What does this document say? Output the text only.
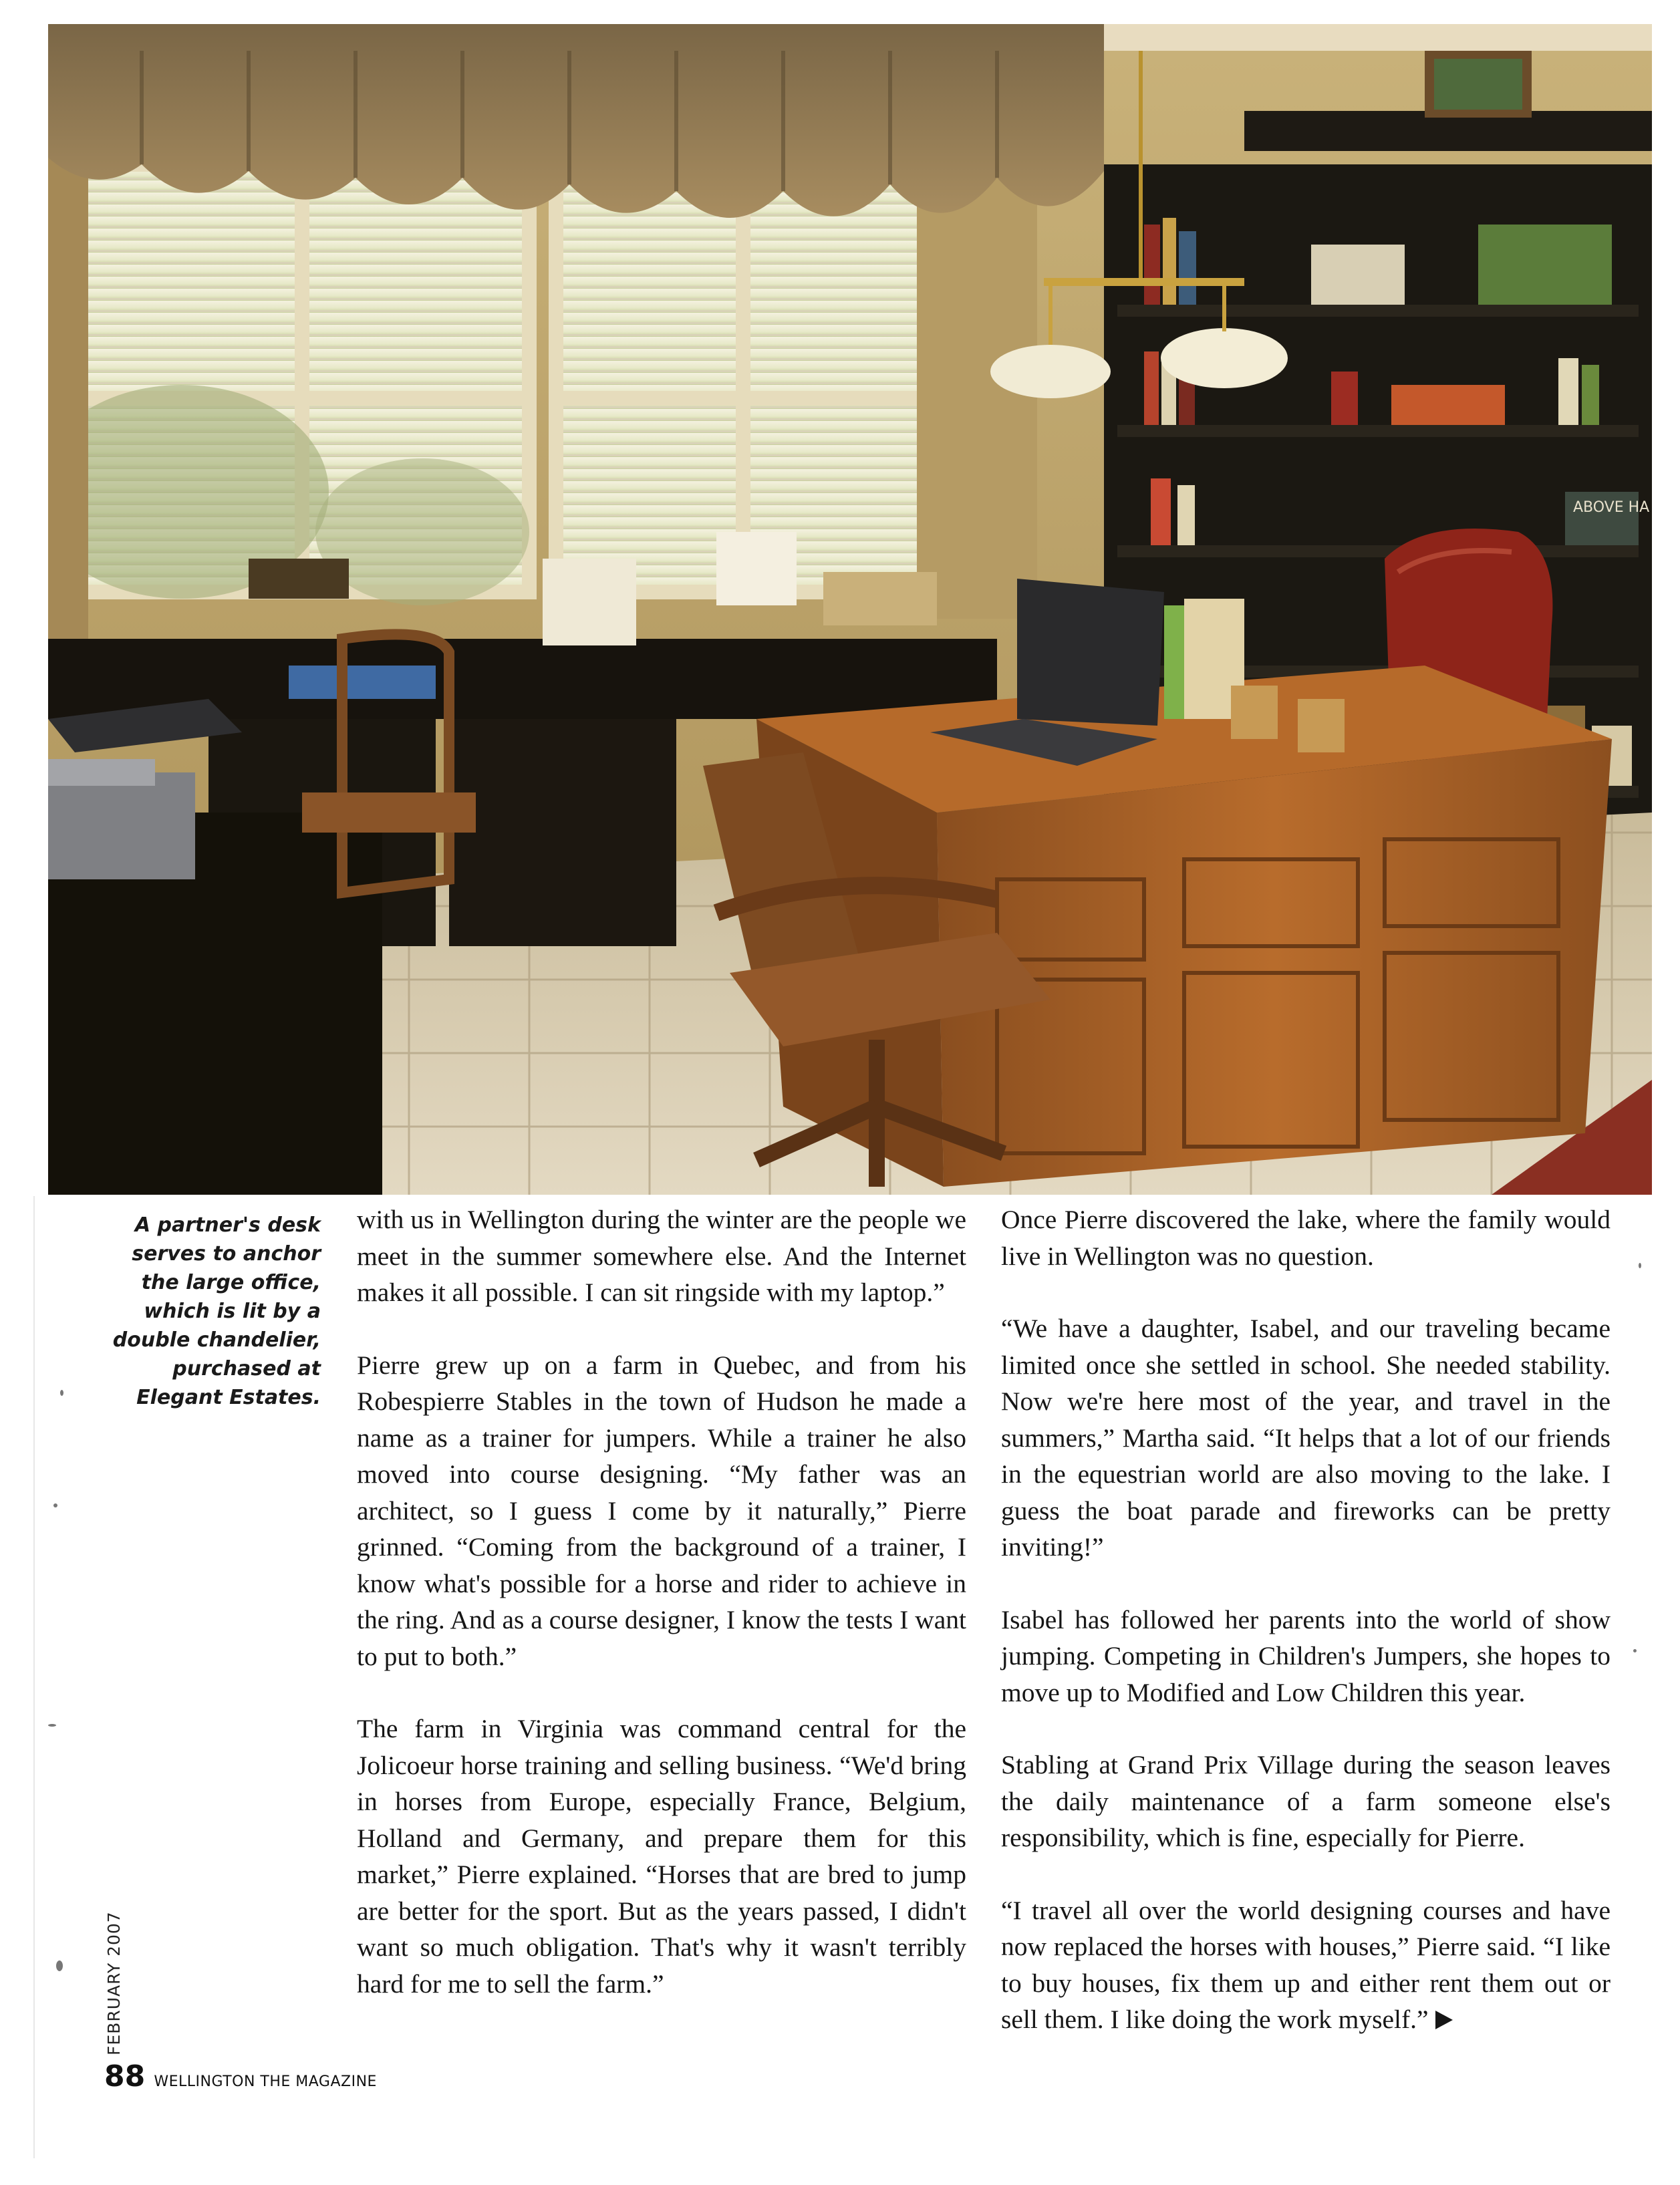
ABOVE HA
A partner's desk serves to anchor the large office, which is lit by a double chandelier, purchased at Elegant Estates.

with us in Wellington during the winter are the people we meet in the summer somewhere else. And the Internet makes it all possible. I can sit ringside with my laptop.”

Pierre grew up on a farm in Quebec, and from his Robespierre Stables in the town of Hudson he made a name as a trainer for jumpers. While a trainer he also moved into course designing. “My father was an architect, so I guess I come by it naturally,” Pierre grinned. “Coming from the background of a trainer, I know what's possible for a horse and rider to achieve in the ring. And as a course designer, I know the tests I want to put to both.”

The farm in Virginia was command central for the Jolicoeur horse training and selling business. “We'd bring in horses from Europe, especially France, Belgium, Holland and Germany, and prepare them for this market,” Pierre explained. “Horses that are bred to jump are better for the sport. But as the years passed, I didn't want so much obligation. That's why it wasn't terribly hard for me to sell the farm.”

Once Pierre discovered the lake, where the family would live in Wellington was no question.

“We have a daughter, Isabel, and our traveling became limited once she settled in school. She needed stability. Now we're here most of the year, and travel in the summers,” Martha said. “It helps that a lot of our friends in the equestrian world are also moving to the lake. I guess the boat parade and fireworks can be pretty inviting!”

Isabel has followed her parents into the world of show jumping. Competing in Children's Jumpers, she hopes to move up to Modified and Low Children this year.

Stabling at Grand Prix Village during the season leaves the daily maintenance of a farm someone else's responsibility, which is fine, especially for Pierre.

“I travel all over the world designing courses and have now replaced the horses with houses,” Pierre said. “I like to buy houses, fix them up and either rent them out or sell them. I like doing the work myself.”

FEBRUARY 2007
88 WELLINGTON THE MAGAZINE
